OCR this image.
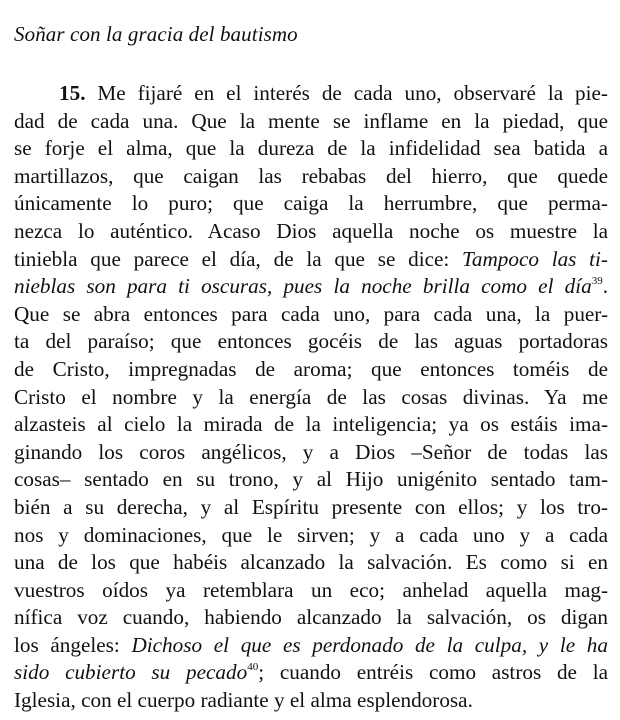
Soñar con la gracia del bautismo
15. Me fijaré en el interés de cada uno, observaré la pie-
dad de cada una. Que la mente se inflame en la piedad, que
se forje el alma, que la dureza de la infidelidad sea batida a
martillazos, que caigan las rebabas del hierro, que quede
únicamente lo puro; que caiga la herrumbre, que perma-
nezca lo auténtico. Acaso Dios aquella noche os muestre la
tiniebla que parece el día, de la que se dice: Tampoco las ti-
nieblas son para ti oscuras, pues la noche brilla como el día$^{39}$.
Que se abra entonces para cada uno, para cada una, la puer-
ta del paraíso; que entonces gocéis de las aguas portadoras
de Cristo, impregnadas de aroma; que entonces toméis de
Cristo el nombre y la energía de las cosas divinas. Ya me
alzasteis al cielo la mirada de la inteligencia; ya os estáis ima-
ginando los coros angélicos, y a Dios –Señor de todas las
cosas– sentado en su trono, y al Hijo unigénito sentado tam-
bién a su derecha, y al Espíritu presente con ellos; y los tro-
nos y dominaciones, que le sirven; y a cada uno y a cada
una de los que habéis alcanzado la salvación. Es como si en
vuestros oídos ya retemblara un eco; anhelad aquella mag-
nífica voz cuando, habiendo alcanzado la salvación, os digan
los ángeles: Dichoso el que es perdonado de la culpa, y le ha
sido cubierto su pecado$^{40}$; cuando entréis como astros de la
Iglesia, con el cuerpo radiante y el alma esplendorosa.
